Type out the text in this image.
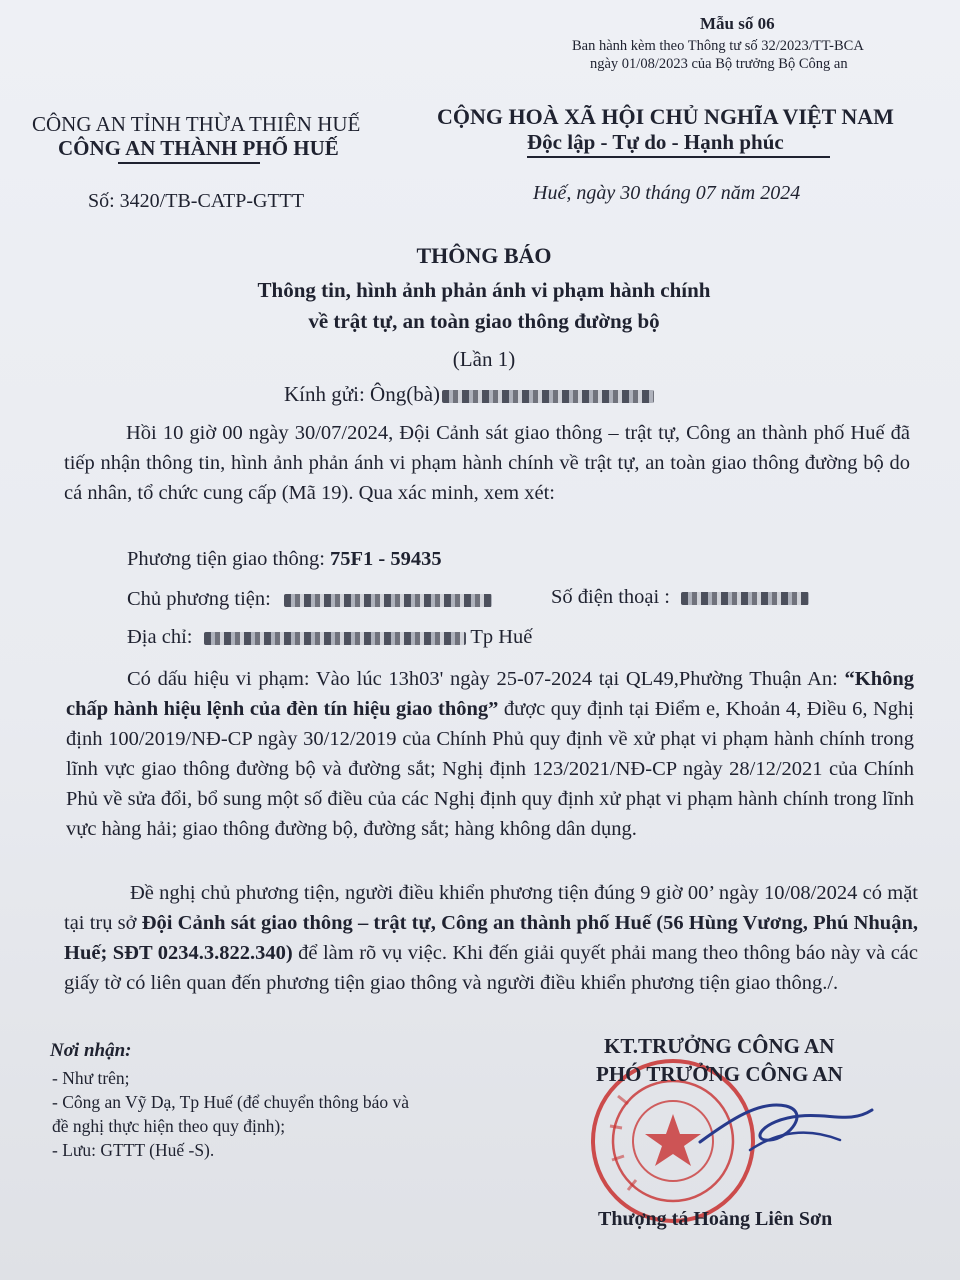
Mẫu số 06
Ban hành kèm theo Thông tư số 32/2023/TT-BCA
ngày 01/08/2023 của Bộ trưởng Bộ Công an
CÔNG AN TỈNH THỪA THIÊN HUẾ
CÔNG AN THÀNH PHỐ HUẾ
CỘNG HOÀ XÃ HỘI CHỦ NGHĨA VIỆT NAM
Độc lập - Tự do - Hạnh phúc
Số: 3420/TB-CATP-GTTT	Huế, ngày 30 tháng 07 năm 2024
THÔNG BÁO
Thông tin, hình ảnh phản ánh vi phạm hành chính
về trật tự, an toàn giao thông đường bộ
(Lần 1)
Kính gửi: Ông(bà)
Hồi 10 giờ 00 ngày 30/07/2024, Đội Cảnh sát giao thông – trật tự, Công an thành phố Huế đã tiếp nhận thông tin, hình ảnh phản ánh vi phạm hành chính về trật tự, an toàn giao thông đường bộ do cá nhân, tổ chức cung cấp (Mã 19). Qua xác minh, xem xét:
Phương tiện giao thông: 75F1 - 59435
Chủ phương tiện:	Số điện thoại :
Địa chỉ:	Tp Huế
Có dấu hiệu vi phạm: Vào lúc 13h03' ngày 25-07-2024 tại QL49,Phường Thuận An: “Không chấp hành hiệu lệnh của đèn tín hiệu giao thông” được quy định tại Điểm e, Khoản 4, Điều 6, Nghị định 100/2019/NĐ-CP ngày 30/12/2019 của Chính Phủ quy định về xử phạt vi phạm hành chính trong lĩnh vực giao thông đường bộ và đường sắt; Nghị định 123/2021/NĐ-CP ngày 28/12/2021 của Chính Phủ về sửa đổi, bổ sung một số điều của các Nghị định quy định xử phạt vi phạm hành chính trong lĩnh vực hàng hải; giao thông đường bộ, đường sắt; hàng không dân dụng.
Đề nghị chủ phương tiện, người điều khiển phương tiện đúng 9 giờ 00’ ngày 10/08/2024 có mặt tại trụ sở Đội Cảnh sát giao thông – trật tự, Công an thành phố Huế (56 Hùng Vương, Phú Nhuận, Huế; SĐT 0234.3.822.340) để làm rõ vụ việc. Khi đến giải quyết phải mang theo thông báo này và các giấy tờ có liên quan đến phương tiện giao thông và người điều khiển phương tiện giao thông./.
Nơi nhận:
- Như trên;
- Công an Vỹ Dạ, Tp Huế (để chuyển thông báo và
đề nghị thực hiện theo quy định);
- Lưu: GTTT (Huế -S).
KT.TRƯỞNG CÔNG AN
PHÓ TRƯỞNG CÔNG AN
Thượng tá Hoàng Liên Sơn
